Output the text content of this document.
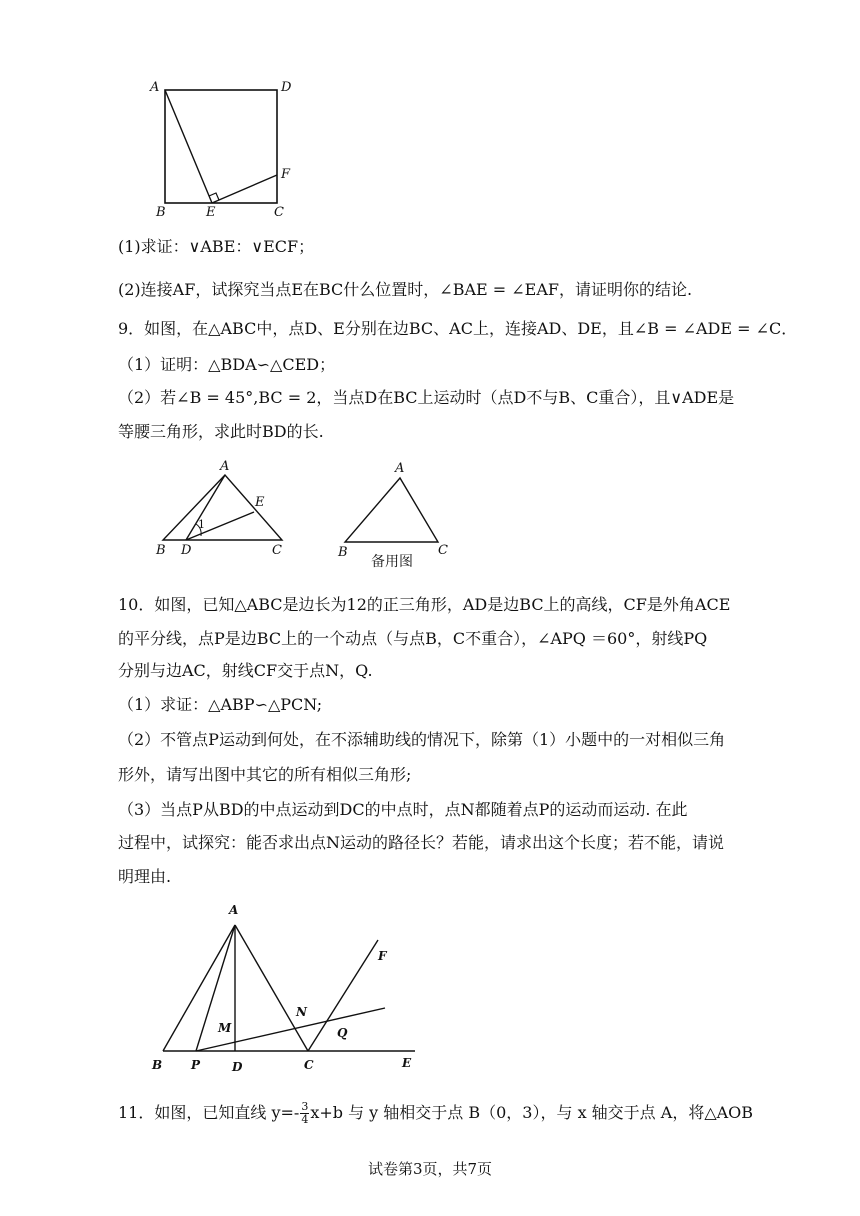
A	D
B	E	C
F
(1)求证：∨ABE：∨ECF；
(2)连接AF，试探究当点E在BC什么位置时，∠BAE = ∠EAF，请证明你的结论.
9．如图，在△ABC中，点D、E分别在边BC、AC上，连接AD、DE，且∠B = ∠ADE = ∠C．
（1）证明：△BDA∽△CED；
（2）若∠B = 45°,BC = 2，当点D在BC上运动时（点D不与B、C重合），且∨ADE是
等腰三角形，求此时BD的长.
A
B D	C
E
1
A
B	C
备用图
10．如图，已知△ABC是边长为12的正三角形，AD是边BC上的高线，CF是外角ACE
的平分线，点P是边BC上的一个动点（与点B，C不重合），∠APQ ＝60°，射线PQ
分别与边AC，射线CF交于点N，Q.
（1）求证：△ABP∽△PCN;
（2）不管点P运动到何处，在不添辅助线的情况下，除第（1）小题中的一对相似三角
形外，请写出图中其它的所有相似三角形;
（3）当点P从BD的中点运动到DC的中点时，点N都随着点P的运动而运动. 在此
过程中，试探究：能否求出点N运动的路径长？若能，请求出这个长度；若不能，请说
明理由.
A
B P	D	C	E
M
N
Q
F
11．如图，已知直线 $y=- \frac{3}{4} x+b$ 与 y 轴相交于点 B（0，3），与 x 轴交于点 A，将△AOB
试卷第3页，共7页
